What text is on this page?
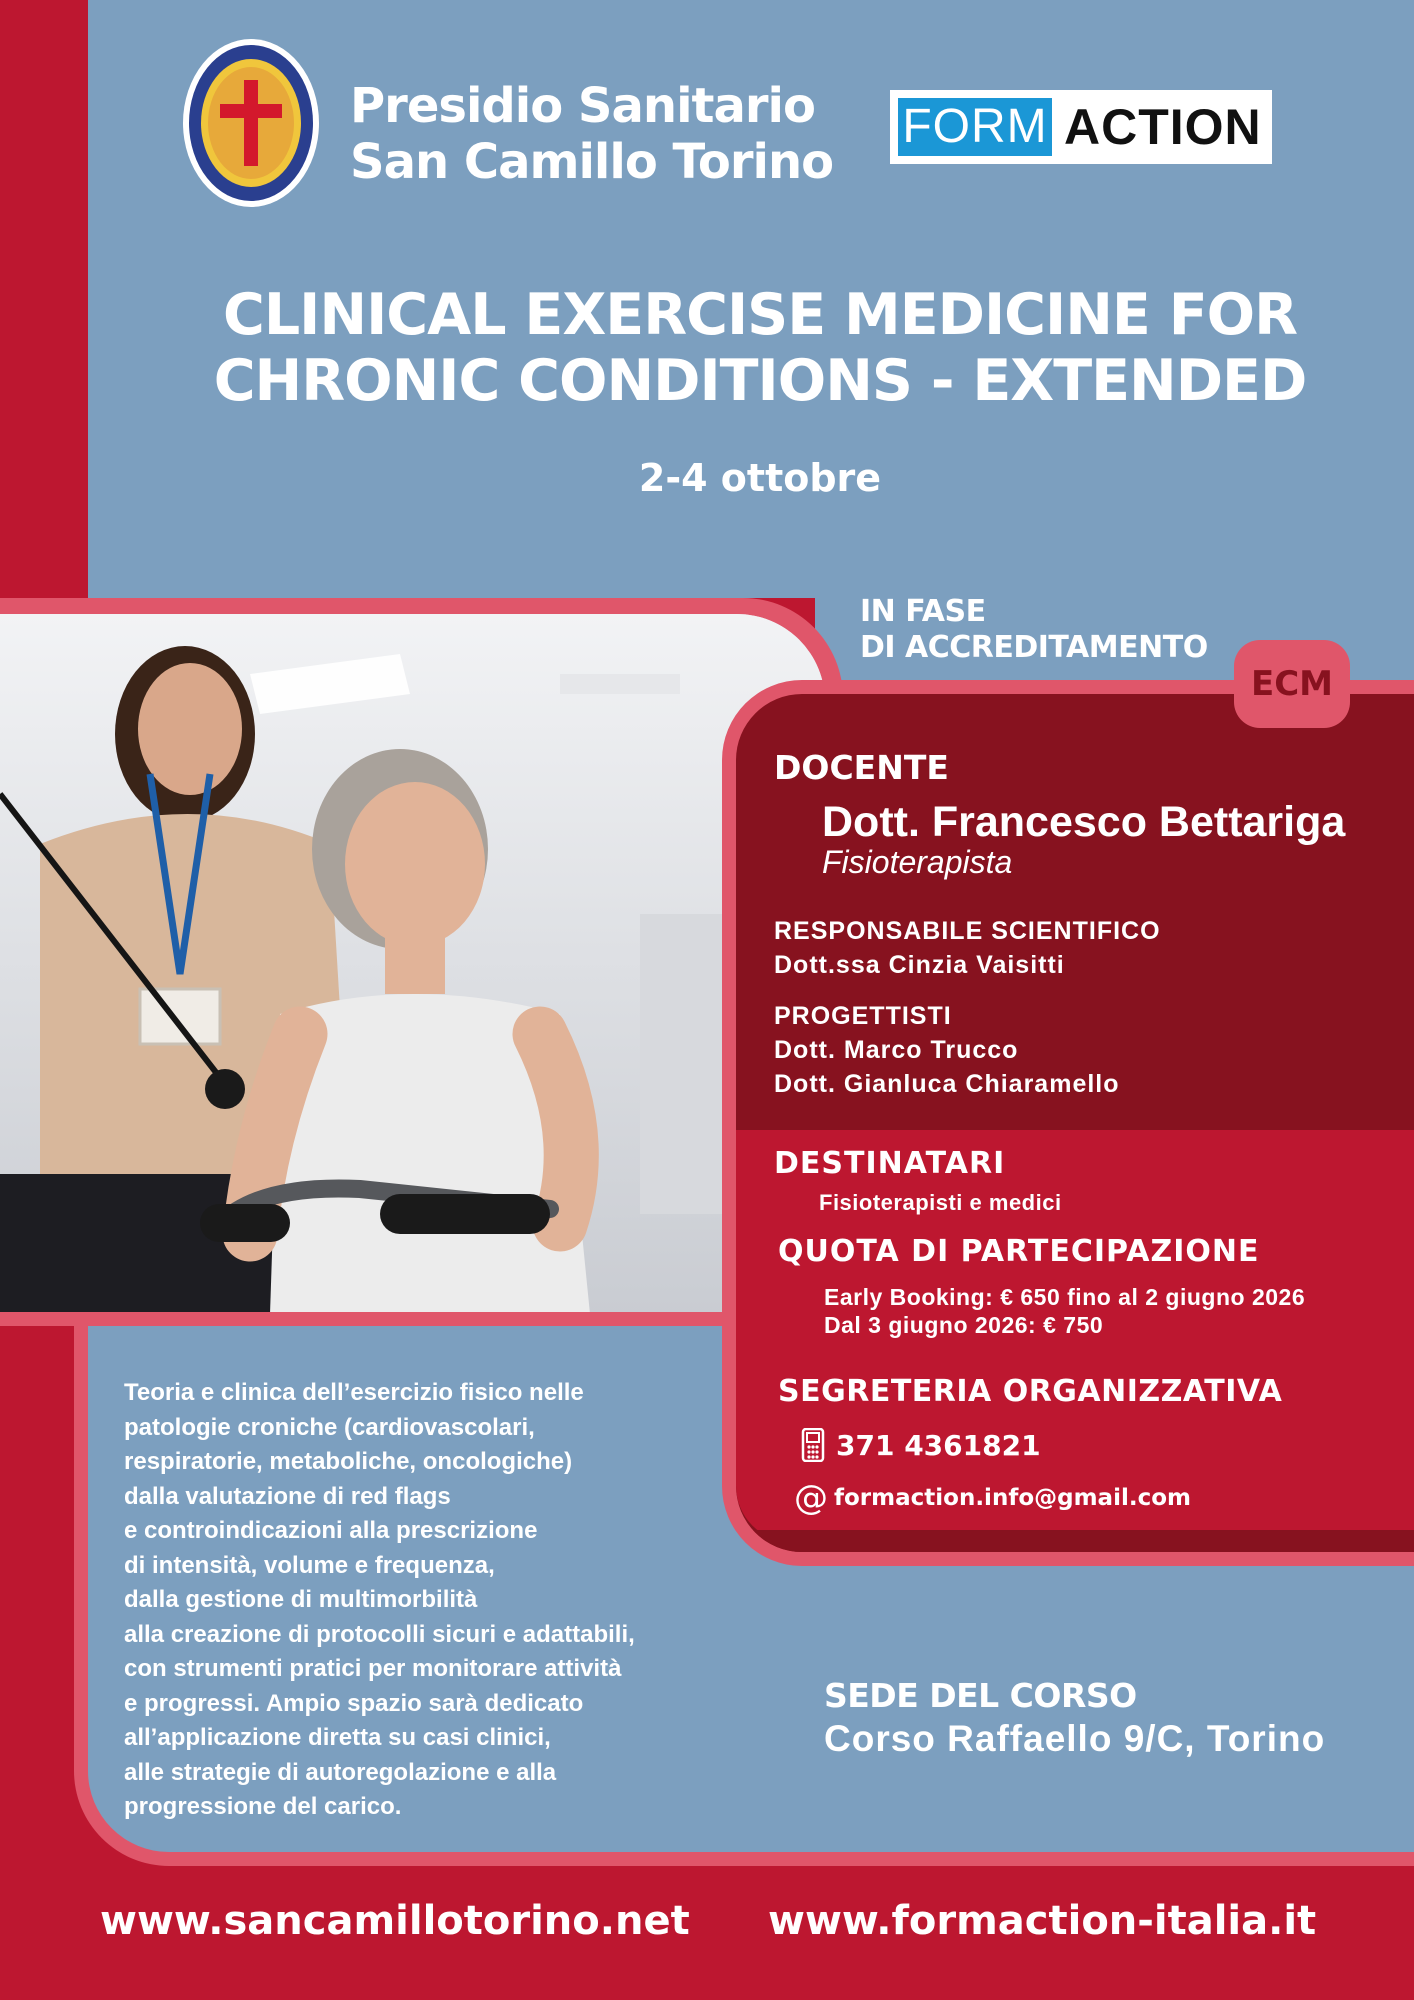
Presidio Sanitario
San Camillo Torino
FORM ACTION
CLINICAL EXERCISE MEDICINE FOR
CHRONIC CONDITIONS - EXTENDED
2-4 ottobre
IN FASE
DI ACCREDITAMENTO
DOCENTE
Dott. Francesco Bettariga
Fisioterapista
RESPONSABILE SCIENTIFICO
Dott.ssa Cinzia Vaisitti
PROGETTISTI
Dott. Marco Trucco
Dott. Gianluca Chiaramello
DESTINATARI
Fisioterapisti e medici
QUOTA DI PARTECIPAZIONE
Early Booking: € 650 fino al 2 giugno 2026
Dal 3 giugno 2026: € 750
SEGRETERIA ORGANIZZATIVA
371 4361821
@ formaction.info@gmail.com
ECM
Teoria e clinica dell’esercizio fisico nelle
patologie croniche (cardiovascolari,
respiratorie, metaboliche, oncologiche)
dalla valutazione di red flags
e controindicazioni alla prescrizione
di intensità, volume e frequenza,
dalla gestione di multimorbilità
alla creazione di protocolli sicuri e adattabili,
con strumenti pratici per monitorare attività
e progressi. Ampio spazio sarà dedicato
all’applicazione diretta su casi clinici,
alle strategie di autoregolazione e alla
progressione del carico.
SEDE DEL CORSO
Corso Raffaello 9/C, Torino
www.sancamillotorino.net www.formaction-italia.it
